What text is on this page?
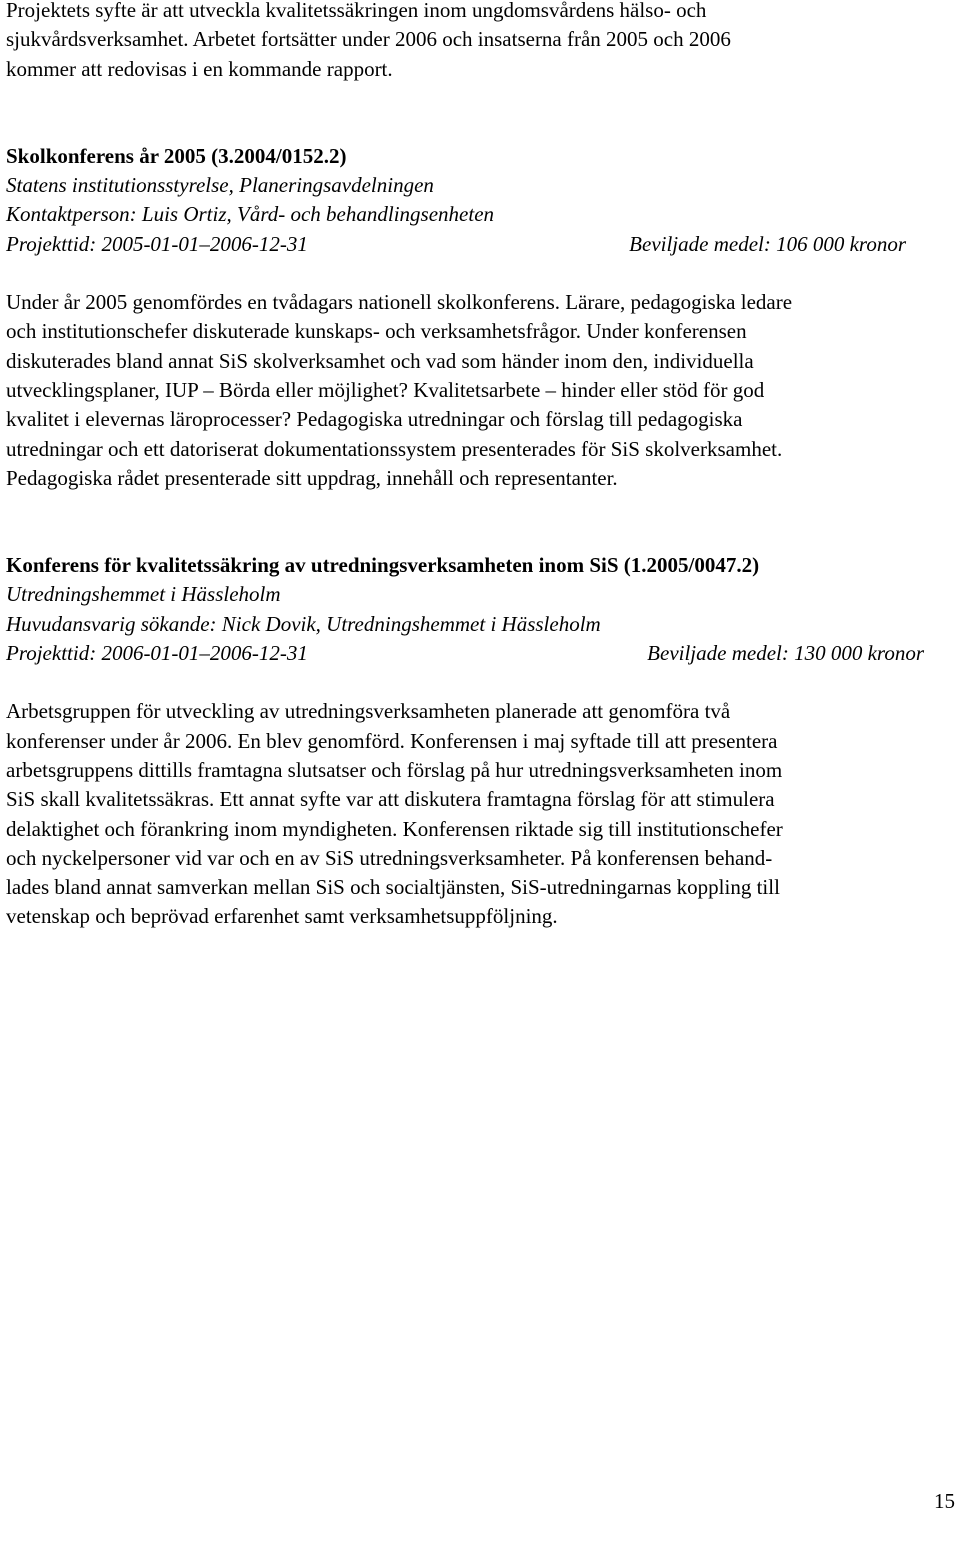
Projektets syfte är att utveckla kvalitetssäkringen inom ungdomsvårdens hälso- och
sjukvårdsverksamhet. Arbetet fortsätter under 2006 och insatserna från 2005 och 2006
kommer att redovisas i en kommande rapport.

Skolkonferens år 2005 (3.2004/0152.2)

Statens institutionsstyrelse, Planeringsavdelningen

Kontaktperson: Luis Ortiz, Vård- och behandlingsenheten

Projekttid: 2005-01-01–2006-12-31	Beviljade medel: 106 000 kronor

Under år 2005 genomfördes en tvådagars nationell skolkonferens. Lärare, pedagogiska ledare
och institutionschefer diskuterade kunskaps- och verksamhetsfrågor. Under konferensen
diskuterades bland annat SiS skolverksamhet och vad som händer inom den, individuella
utvecklingsplaner, IUP – Börda eller möjlighet? Kvalitetsarbete – hinder eller stöd för god
kvalitet i elevernas läroprocesser? Pedagogiska utredningar och förslag till pedagogiska
utredningar och ett datoriserat dokumentationssystem presenterades för SiS skolverksamhet.
Pedagogiska rådet presenterade sitt uppdrag, innehåll och representanter.

Konferens för kvalitetssäkring av utredningsverksamheten inom SiS (1.2005/0047.2)

Utredningshemmet i Hässleholm

Huvudansvarig sökande: Nick Dovik, Utredningshemmet i Hässleholm

Projekttid: 2006-01-01–2006-12-31	Beviljade medel: 130 000 kronor

Arbetsgruppen för utveckling av utredningsverksamheten planerade att genomföra två
konferenser under år 2006. En blev genomförd. Konferensen i maj syftade till att presentera
arbetsgruppens dittills framtagna slutsatser och förslag på hur utredningsverksamheten inom
SiS skall kvalitetssäkras. Ett annat syfte var att diskutera framtagna förslag för att stimulera
delaktighet och förankring inom myndigheten. Konferensen riktade sig till institutionschefer
och nyckelpersoner vid var och en av SiS utredningsverksamheter. På konferensen behand-
lades bland annat samverkan mellan SiS och socialtjänsten, SiS-utredningarnas koppling till
vetenskap och beprövad erfarenhet samt verksamhetsuppföljning.

15
